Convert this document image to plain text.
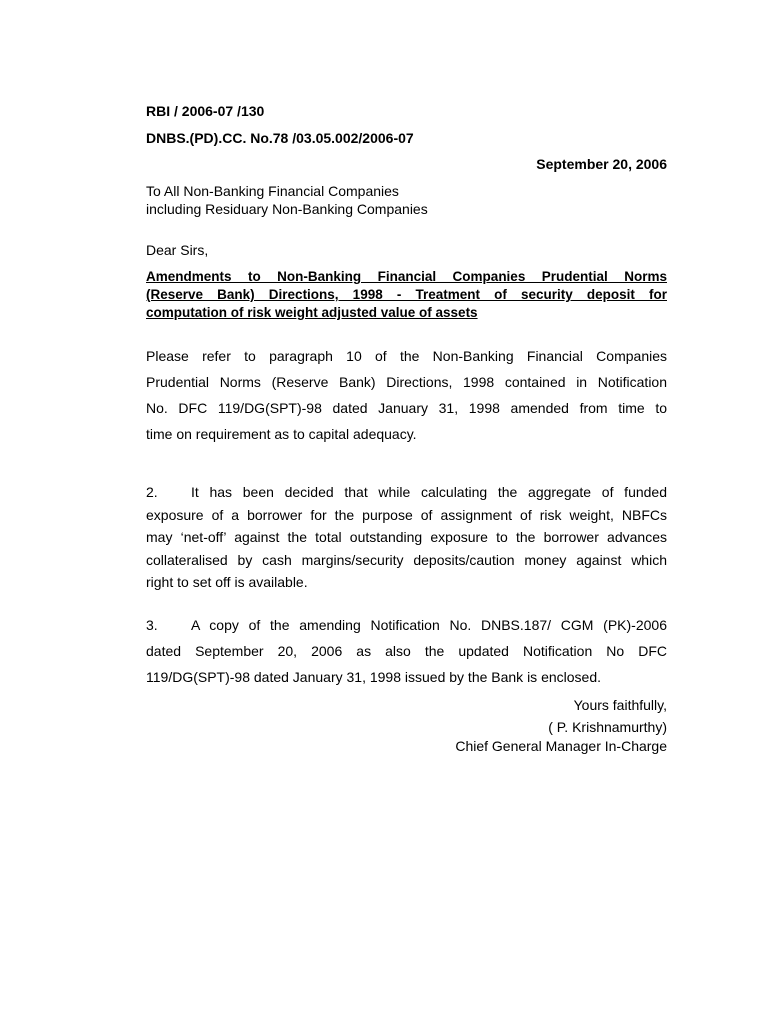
RBI / 2006-07 /130
DNBS.(PD).CC. No.78 /03.05.002/2006-07
September 20, 2006
To All Non-Banking Financial Companies
including Residuary Non-Banking Companies
Dear Sirs,
Amendments to Non-Banking Financial Companies Prudential Norms
(Reserve Bank) Directions, 1998 - Treatment of security deposit for
computation of risk weight adjusted value of assets
Please refer to paragraph 10 of the Non-Banking Financial Companies
Prudential Norms (Reserve Bank) Directions, 1998 contained in Notification
No. DFC 119/DG(SPT)-98 dated January 31, 1998 amended from time to
time on requirement as to capital adequacy.
2. It has been decided that while calculating the aggregate of funded
exposure of a borrower for the purpose of assignment of risk weight, NBFCs
may ‘net-off’ against the total outstanding exposure to the borrower advances
collateralised by cash margins/security deposits/caution money against which
right to set off is available.
3. A copy of the amending Notification No. DNBS.187/ CGM (PK)-2006
dated September 20, 2006 as also the updated Notification No DFC
119/DG(SPT)-98 dated January 31, 1998 issued by the Bank is enclosed.
Yours faithfully,
( P. Krishnamurthy)
Chief General Manager In-Charge
